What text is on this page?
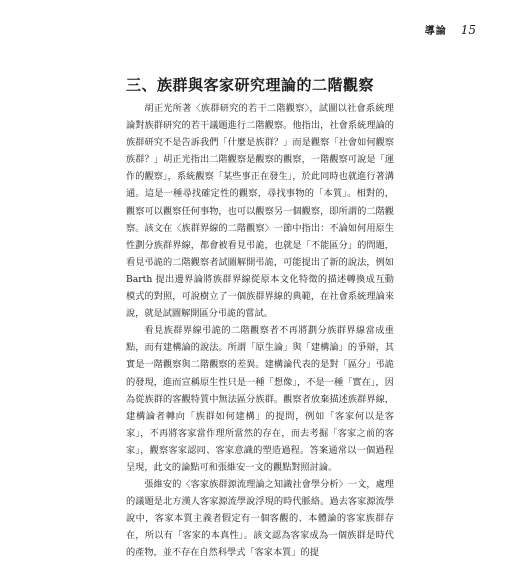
導論 15
三、族群與客家研究理論的二階觀察

胡正光所著〈族群研究的若干二階觀察〉，試圖以社會系統理論對族群研究的若干議題進行二階觀察。他指出，社會系統理論的族群研究不是告訴我們「什麼是族群？」而是觀察「社會如何觀察族群？」胡正光指出二階觀察是觀察的觀察，一階觀察可說是「運作的觀察」，系統觀察「某些事正在發生」，於此同時也就進行著溝通。這是一種尋找確定性的觀察，尋找事物的「本質」。相對的，觀察可以觀察任何事物，也可以觀察另一個觀察，即所謂的二階觀察。該文在〈族群界線的二階觀察〉一節中指出：不論如何用原生性劃分族群界線，都會被看見弔詭，也就是「不能區分」的問題，看見弔詭的二階觀察者試圖解開弔詭，可能提出了新的說法，例如 Barth 提出邊界論將族群界線從原本文化特徵的描述轉換成互動模式的對照，可說樹立了一個族群界線的典範，在社會系統理論來說，就是試圖解開區分弔詭的嘗試。

看見族群界線弔詭的二階觀察者不再將劃分族群界線當成重點，而有建構論的說法。所謂「原生論」與「建構論」的爭辯，其實是一階觀察與二階觀察的差異。建構論代表的是對「區分」弔詭的發現，進而宣稱原生性只是一種「想像」，不是一種「實在」，因為從族群的客觀特質中無法區分族群。觀察者放棄描述族群界線，建構論者轉向「族群如何建構」的提問，例如「客家何以是客家」，不再將客家當作理所當然的存在，而去考掘「客家之前的客家」，觀察客家認同、客家意識的塑造過程。答案通常以一個過程呈現，此文的論點可和張維安一文的觀點對照討論。

張維安的〈客家族群源流理論之知識社會學分析〉一文，處理的議題是北方漢人客家源流學說浮現的時代脈絡。過去客家源流學說中，客家本質主義者假定有一個客觀的、本體論的客家族群存在，所以有「客家的本真性」。該文認為客家成為一個族群是時代的產物，並不存在自然科學式「客家本質」的提
